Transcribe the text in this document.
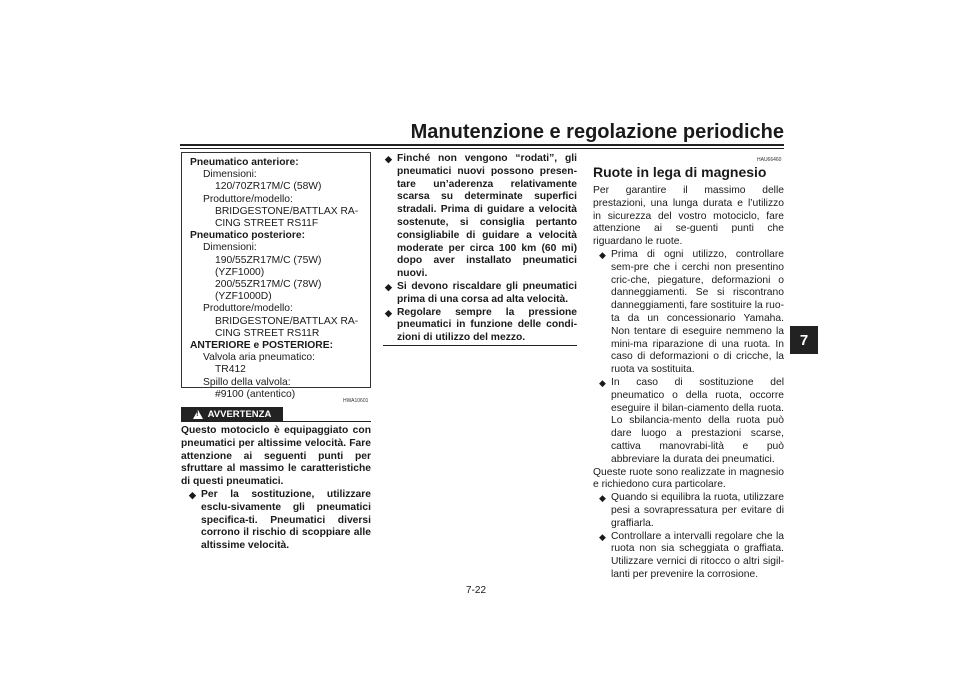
Manutenzione e regolazione periodiche
7
Pneumatico anteriore:
Dimensioni:
120/70ZR17M/C (58W)
Produttore/modello:
BRIDGESTONE/BATTLAX RA-
CING STREET RS11F
Pneumatico posteriore:
Dimensioni:
190/55ZR17M/C (75W)
(YZF1000)
200/55ZR17M/C (78W)
(YZF1000D)
Produttore/modello:
BRIDGESTONE/BATTLAX RA-
CING STREET RS11R
ANTERIORE e POSTERIORE:
Valvola aria pneumatico:
TR412
Spillo della valvola:
#9100 (antentico)
HWA10601
! AVVERTENZA
Questo motociclo è equipaggiato con pneumatici per altissime velocità. Fare attenzione ai seguenti punti per sfruttare al massimo le caratteristiche di questi pneumatici.
◆ Per la sostituzione, utilizzare esclu-sivamente gli pneumatici specifica-ti. Pneumatici diversi corrono il rischio di scoppiare alle altissime velocità.
◆ Finché non vengono “rodati”, gli pneumatici nuovi possono presen-tare un’aderenza relativamente scarsa su determinate superfici stradali. Prima di guidare a velocità sostenute, si consiglia pertanto consigliabile di guidare a velocità moderate per circa 100 km (60 mi) dopo aver installato pneumatici nuovi.
◆ Si devono riscaldare gli pneumatici prima di una corsa ad alta velocità.
◆ Regolare sempre la pressione pneumatici in funzione delle condi-zioni di utilizzo del mezzo.
HAU66460
Ruote in lega di magnesio
Per garantire il massimo delle prestazioni, una lunga durata e l’utilizzo in sicurezza del vostro motociclo, fare attenzione ai se-guenti punti che riguardano le ruote.
◆ Prima di ogni utilizzo, controllare sem-pre che i cerchi non presentino cric-che, piegature, deformazioni o danneggiamenti. Se si riscontrano danneggiamenti, fare sostituire la ruo-ta da un concessionario Yamaha. Non tentare di eseguire nemmeno la mini-ma riparazione di una ruota. In caso di deformazioni o di cricche, la ruota va sostituita.
◆ In caso di sostituzione del pneumatico o della ruota, occorre eseguire il bilan-ciamento della ruota. Lo sbilancia-mento della ruota può dare luogo a prestazioni scarse, cattiva manovrabi-lità e può abbreviare la durata dei pneumatici.
Queste ruote sono realizzate in magnesio e richiedono cura particolare.
◆ Quando si equilibra la ruota, utilizzare pesi a sovrapressatura per evitare di graffiarla.
◆ Controllare a intervalli regolare che la ruota non sia scheggiata o graffiata. Utilizzare vernici di ritocco o altri sigil-lanti per prevenire la corrosione.
7-22
